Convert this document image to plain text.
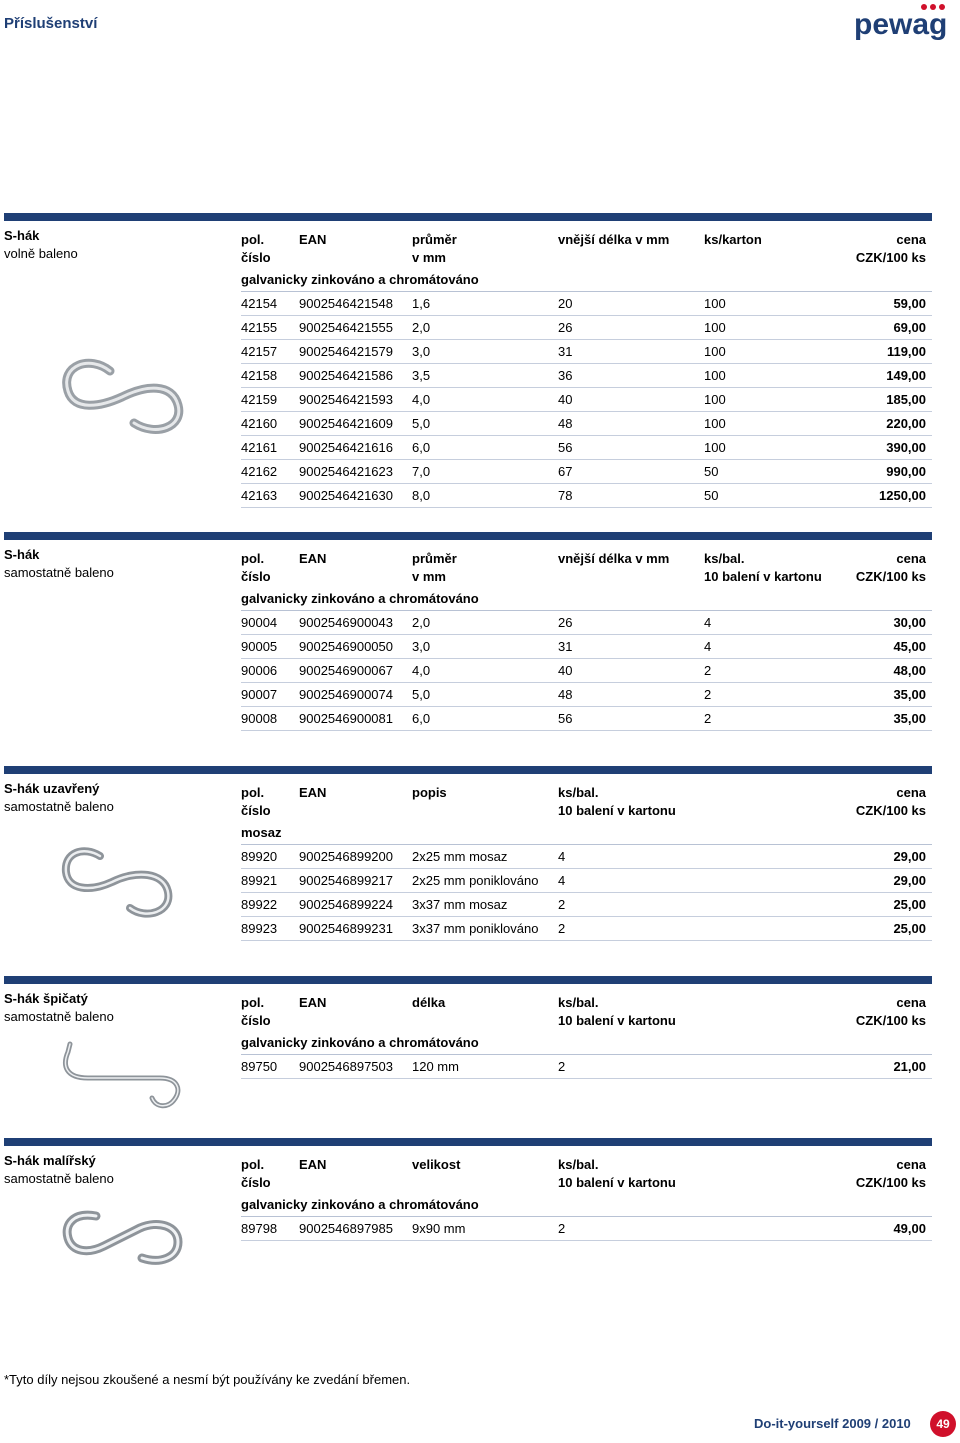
Příslušenství	pewag
S-hák
volně baleno
pol.
číslo
EAN	průměr
v mm
vnější délka v mm	ks/karton	cena
CZK/100 ks
galvanicky zinkováno a chromátováno
42154 9002546421548 1,6	20	100	59,00
42155 9002546421555 2,0	26	100	69,00
42157 9002546421579 3,0	31	100	119,00
42158 9002546421586 3,5	36	100	149,00
42159 9002546421593 4,0	40	100	185,00
42160 9002546421609 5,0	48	100	220,00
42161 9002546421616 6,0	56	100	390,00
42162 9002546421623 7,0	67	50	990,00
42163 9002546421630 8,0	78	50	1250,00
S-hák
samostatně baleno
pol.
číslo
EAN	průměr
v mm
vnější délka v mm	ks/bal.
10 balení v kartonu
cena
CZK/100 ks
galvanicky zinkováno a chromátováno
90004 9002546900043 2,0	26	4	30,00
90005 9002546900050 3,0	31	4	45,00
90006 9002546900067 4,0	40	2	48,00
90007 9002546900074 5,0	48	2	35,00
90008 9002546900081 6,0	56	2	35,00
S-hák uzavřený
samostatně baleno
pol.
číslo
EAN	popis	ks/bal.
10 balení v kartonu
cena
CZK/100 ks
mosaz
89920 9002546899200 2x25 mm mosaz	4	29,00
89921 9002546899217 2x25 mm poniklováno 4	29,00
89922 9002546899224 3x37 mm mosaz	2	25,00
89923 9002546899231 3x37 mm poniklováno 2	25,00
S-hák špičatý
samostatně baleno
pol.
číslo
EAN	délka	ks/bal.
10 balení v kartonu
cena
CZK/100 ks
galvanicky zinkováno a chromátováno
89750 9002546897503 120 mm	2	21,00
S-hák malířský
samostatně baleno
pol.
číslo
EAN	velikost	ks/bal.
10 balení v kartonu
cena
CZK/100 ks
galvanicky zinkováno a chromátováno
89798 9002546897985 9x90 mm	2	49,00
*Tyto díly nejsou zkoušené a nesmí být používány ke zvedání břemen.
Do-it-yourself 2009 / 2010	49
